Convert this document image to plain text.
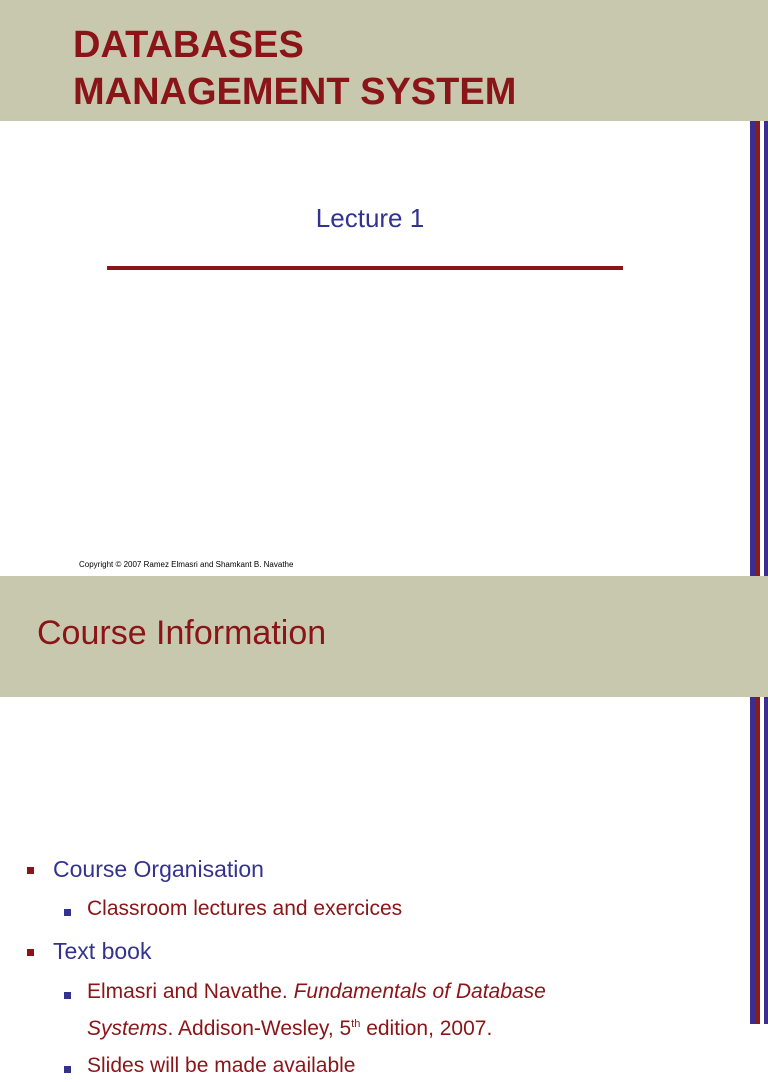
DATABASES
MANAGEMENT SYSTEM
Lecture 1
Copyright © 2007 Ramez Elmasri and Shamkant B. Navathe
Course Information
Course Organisation
Classroom lectures and exercices
Text book
Elmasri and Navathe. Fundamentals of Database
Systems. Addison-Wesley, 5th edition, 2007.
Slides will be made available
